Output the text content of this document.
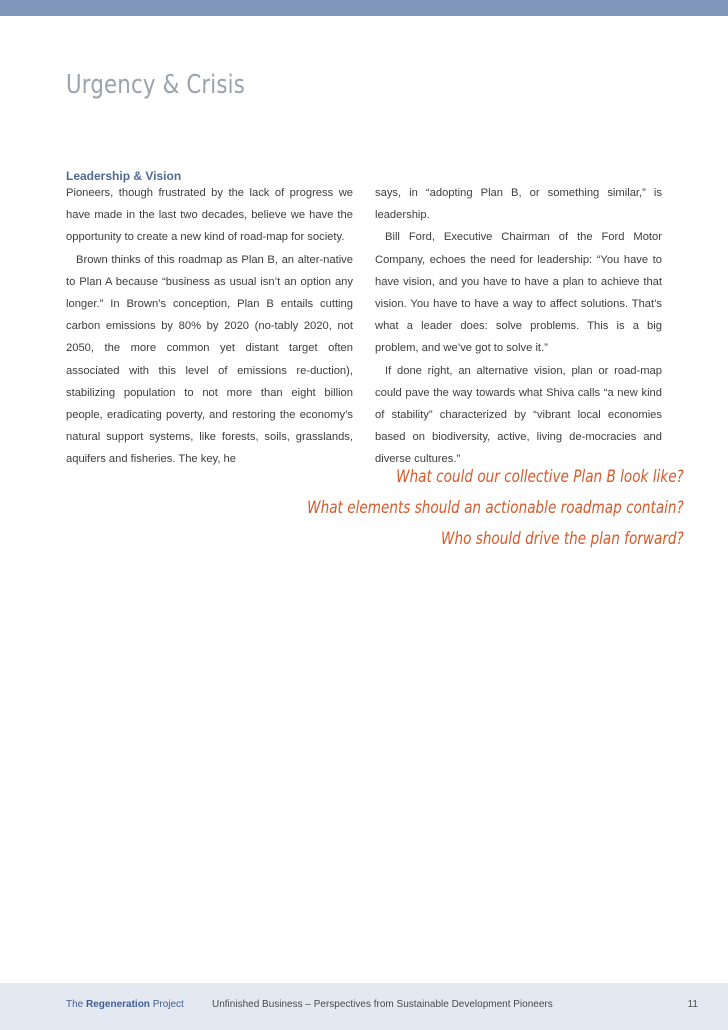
Urgency & Crisis
Leadership & Vision

Pioneers, though frustrated by the lack of progress we have made in the last two decades, believe we have the opportunity to create a new kind of road-map for society.

Brown thinks of this roadmap as Plan B, an alter-native to Plan A because “business as usual isn’t an option any longer.” In Brown’s conception, Plan B entails cutting carbon emissions by 80% by 2020 (no-tably 2020, not 2050, the more common yet distant target often associated with this level of emissions re-duction), stabilizing population to not more than eight billion people, eradicating poverty, and restoring the economy’s natural support systems, like forests, soils, grasslands, aquifers and fisheries. The key, he

says, in “adopting Plan B, or something similar,” is leadership.

Bill Ford, Executive Chairman of the Ford Motor Company, echoes the need for leadership: “You have to have vision, and you have to have a plan to achieve that vision. You have to have a way to affect solutions. That’s what a leader does: solve problems. This is a big problem, and we’ve got to solve it.”

If done right, an alternative vision, plan or road-map could pave the way towards what Shiva calls “a new kind of stability” characterized by “vibrant local economies based on biodiversity, active, living de-mocracies and diverse cultures.”

What could our collective Plan B look like?
What elements should an actionable roadmap contain?
Who should drive the plan forward?
The Regeneration Project	Unfinished Business – Perspectives from Sustainable Development Pioneers	11
